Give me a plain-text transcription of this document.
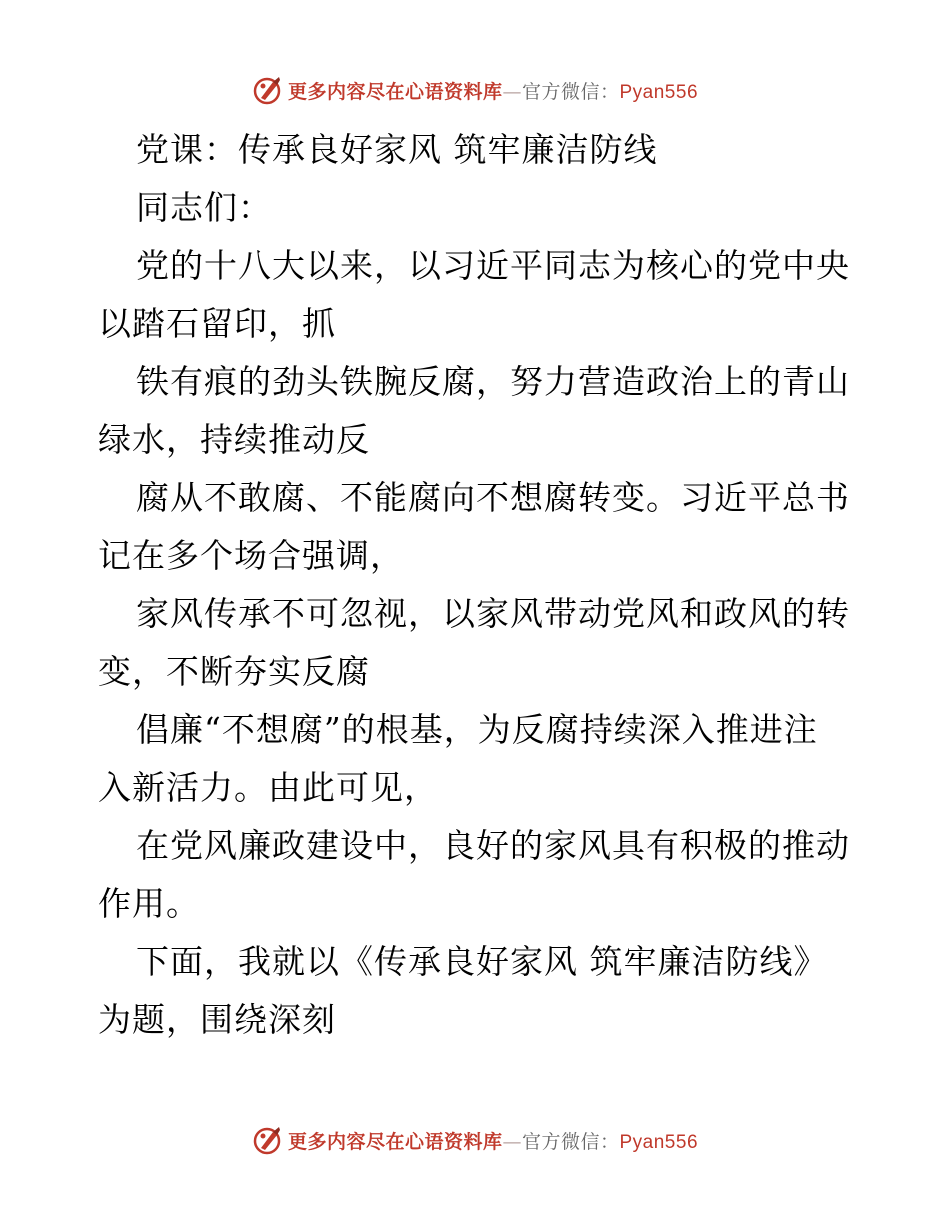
更多内容尽在心语资料库—官方微信：Pyan556
党课：传承良好家风 筑牢廉洁防线
同志们：
党的十八大以来，以习近平同志为核心的党中央
以踏石留印，抓
铁有痕的劲头铁腕反腐，努力营造政治上的青山
绿水，持续推动反
腐从不敢腐、不能腐向不想腐转变。习近平总书
记在多个场合强调，
家风传承不可忽视，以家风带动党风和政风的转
变，不断夯实反腐
倡廉“不想腐”的根基，为反腐持续深入推进注
入新活力。由此可见，
在党风廉政建设中，良好的家风具有积极的推动
作用。
下面，我就以《传承良好家风 筑牢廉洁防线》
为题，围绕深刻
更多内容尽在心语资料库—官方微信：Pyan556
